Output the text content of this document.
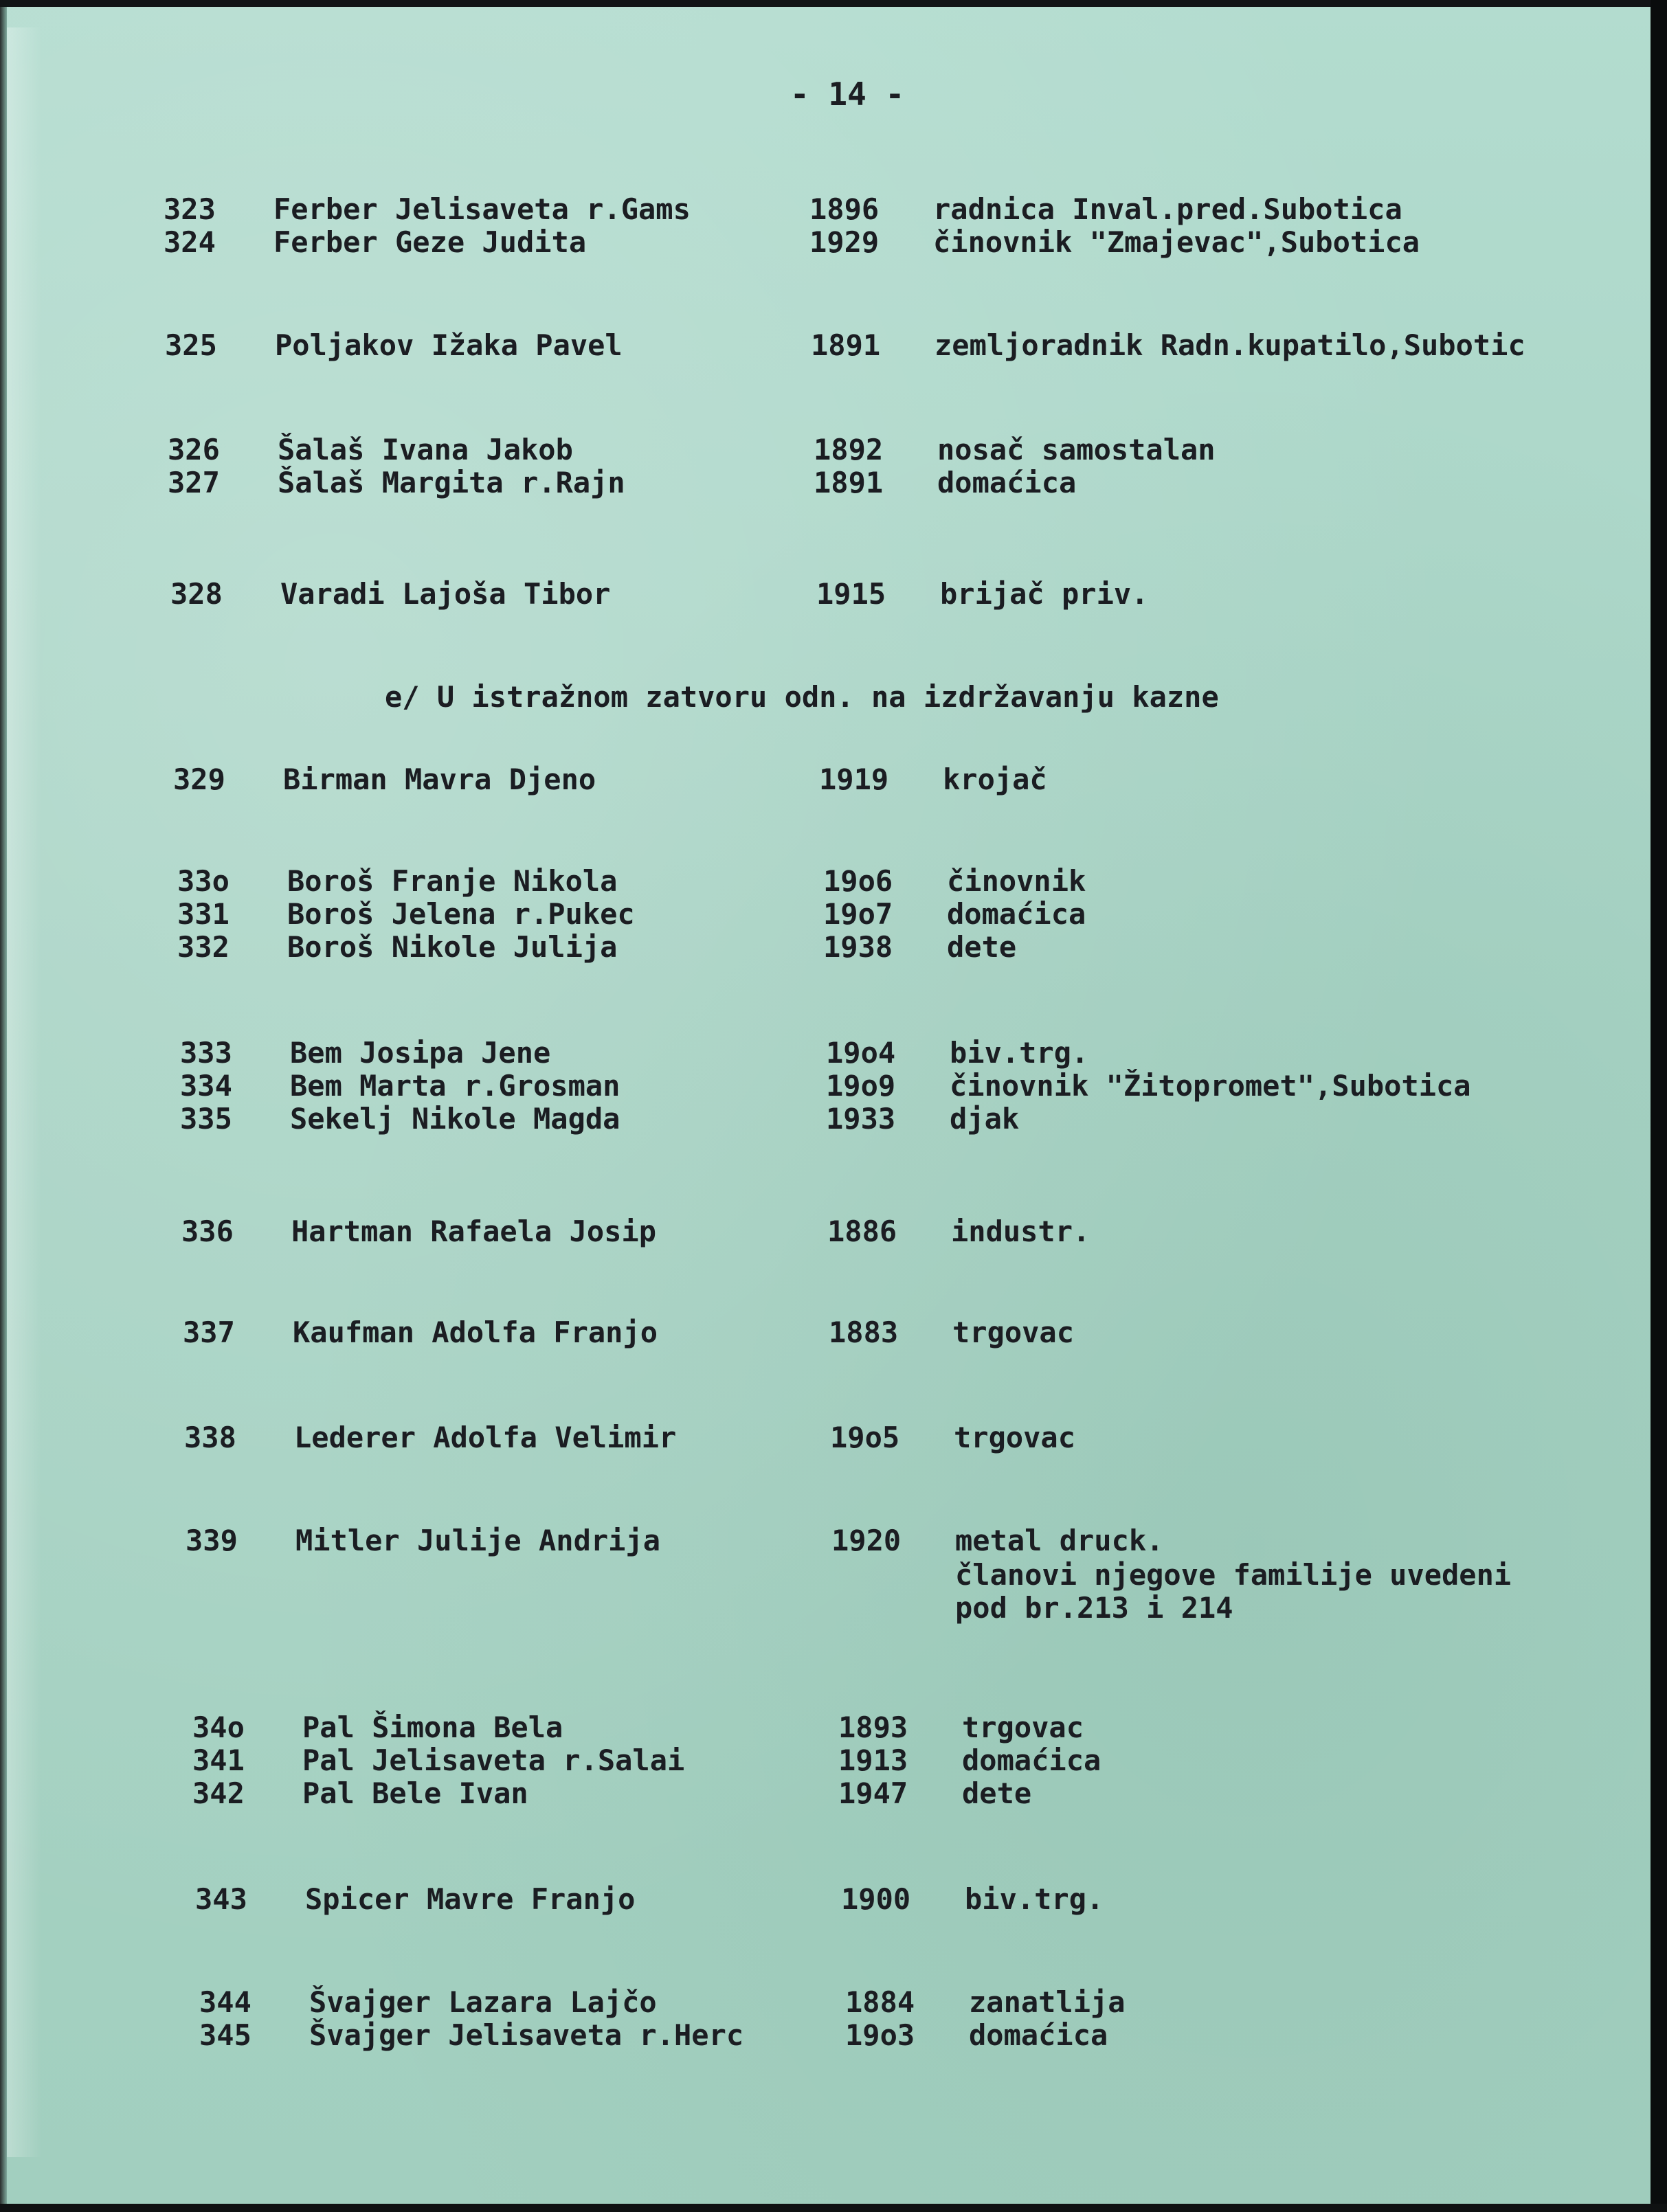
- 14 -
e/ U istražnom zatvoru odn. na izdržavanju kazne
323 Ferber Jelisaveta r.Gams	1896 radnica Inval.pred.Subotica
324 Ferber Geze Judita	1929 činovnik "Zmajevac",Subotica
325 Poljakov Ižaka Pavel	1891 zemljoradnik Radn.kupatilo,Subotic
326 Šalaš Ivana Jakob	1892 nosač samostalan
327 Šalaš Margita r.Rajn	1891 domaćica
328 Varadi Lajoša Tibor	1915 brijač priv.
329 Birman Mavra Djeno	1919 krojač
33o Boroš Franje Nikola	19o6 činovnik
331 Boroš Jelena r.Pukec	19o7 domaćica
332 Boroš Nikole Julija	1938 dete
333 Bem Josipa Jene	19o4 biv.trg.
334 Bem Marta r.Grosman	19o9 činovnik "Žitopromet",Subotica
335 Sekelj Nikole Magda	1933 djak
336 Hartman Rafaela Josip	1886 industr.
337 Kaufman Adolfa Franjo	1883 trgovac
338 Lederer Adolfa Velimir	19o5 trgovac
339 Mitler Julije Andrija	1920 metal druck.
članovi njegove familije uvedeni
pod br.213 i 214
34o Pal Šimona Bela	1893 trgovac
341 Pal Jelisaveta r.Salai	1913 domaćica
342 Pal Bele Ivan	1947 dete
343 Spicer Mavre Franjo	1900 biv.trg.
344 Švajger Lazara Lajčo	1884 zanatlija
345 Švajger Jelisaveta r.Herc	19o3 domaćica
